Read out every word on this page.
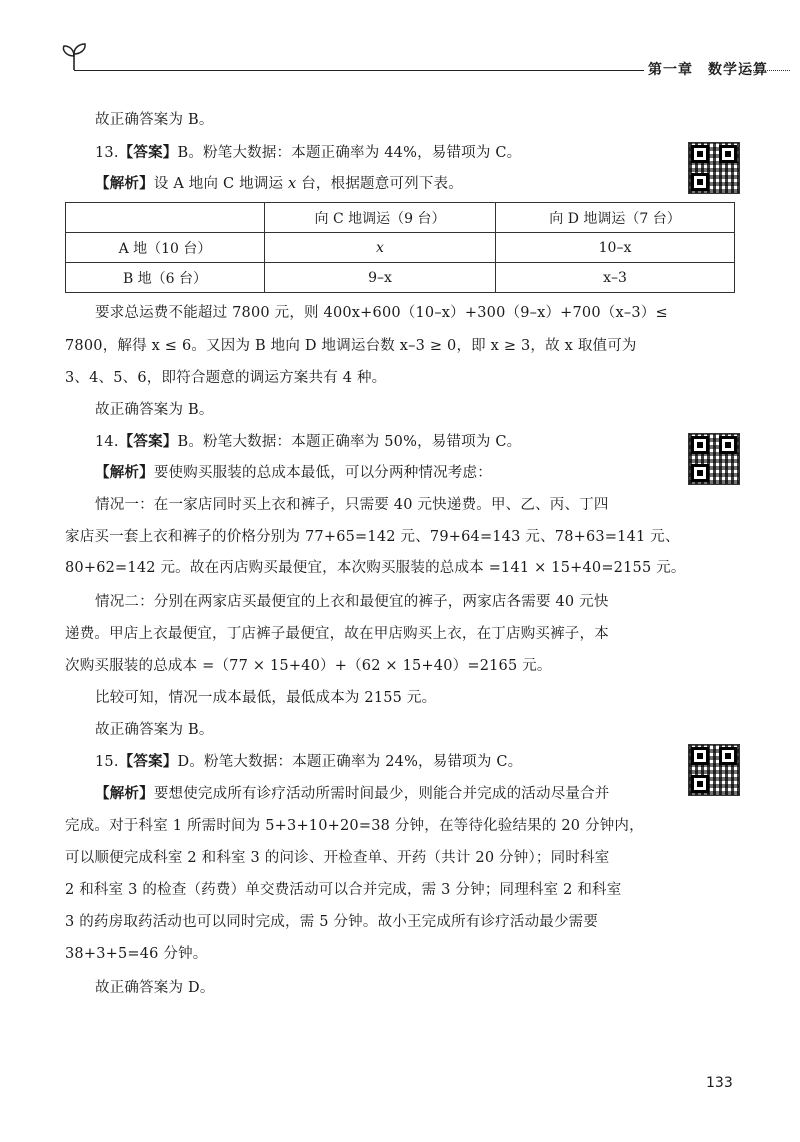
第一章　数学运算
故正确答案为 B。
13.【答案】B。粉笔大数据：本题正确率为 44%，易错项为 C。
【解析】设 A 地向 C 地调运 x 台，根据题意可列下表。
	向 C 地调运（9 台）	向 D 地调运（7 台）
A 地（10 台）	x	10–x
B 地（6 台）	9–x	x–3
要求总运费不能超过 7800 元，则 400x+600（10–x）+300（9–x）+700（x–3）≤
7800，解得 x ≤ 6。又因为 B 地向 D 地调运台数 x–3 ≥ 0，即 x ≥ 3，故 x 取值可为
3、4、5、6，即符合题意的调运方案共有 4 种。
故正确答案为 B。
14.【答案】B。粉笔大数据：本题正确率为 50%，易错项为 C。
【解析】要使购买服装的总成本最低，可以分两种情况考虑：
情况一：在一家店同时买上衣和裤子，只需要 40 元快递费。甲、乙、丙、丁四
家店买一套上衣和裤子的价格分别为 77+65=142 元、79+64=143 元、78+63=141 元、
80+62=142 元。故在丙店购买最便宜，本次购买服装的总成本 =141 × 15+40=2155 元。
情况二：分别在两家店买最便宜的上衣和最便宜的裤子，两家店各需要 40 元快
递费。甲店上衣最便宜，丁店裤子最便宜，故在甲店购买上衣，在丁店购买裤子，本
次购买服装的总成本 =（77 × 15+40）+（62 × 15+40）=2165 元。
比较可知，情况一成本最低，最低成本为 2155 元。
故正确答案为 B。
15.【答案】D。粉笔大数据：本题正确率为 24%，易错项为 C。
【解析】要想使完成所有诊疗活动所需时间最少，则能合并完成的活动尽量合并
完成。对于科室 1 所需时间为 5+3+10+20=38 分钟，在等待化验结果的 20 分钟内，
可以顺便完成科室 2 和科室 3 的问诊、开检查单、开药（共计 20 分钟）；同时科室
2 和科室 3 的检查（药费）单交费活动可以合并完成，需 3 分钟；同理科室 2 和科室
3 的药房取药活动也可以同时完成，需 5 分钟。故小王完成所有诊疗活动最少需要
38+3+5=46 分钟。
故正确答案为 D。
133
